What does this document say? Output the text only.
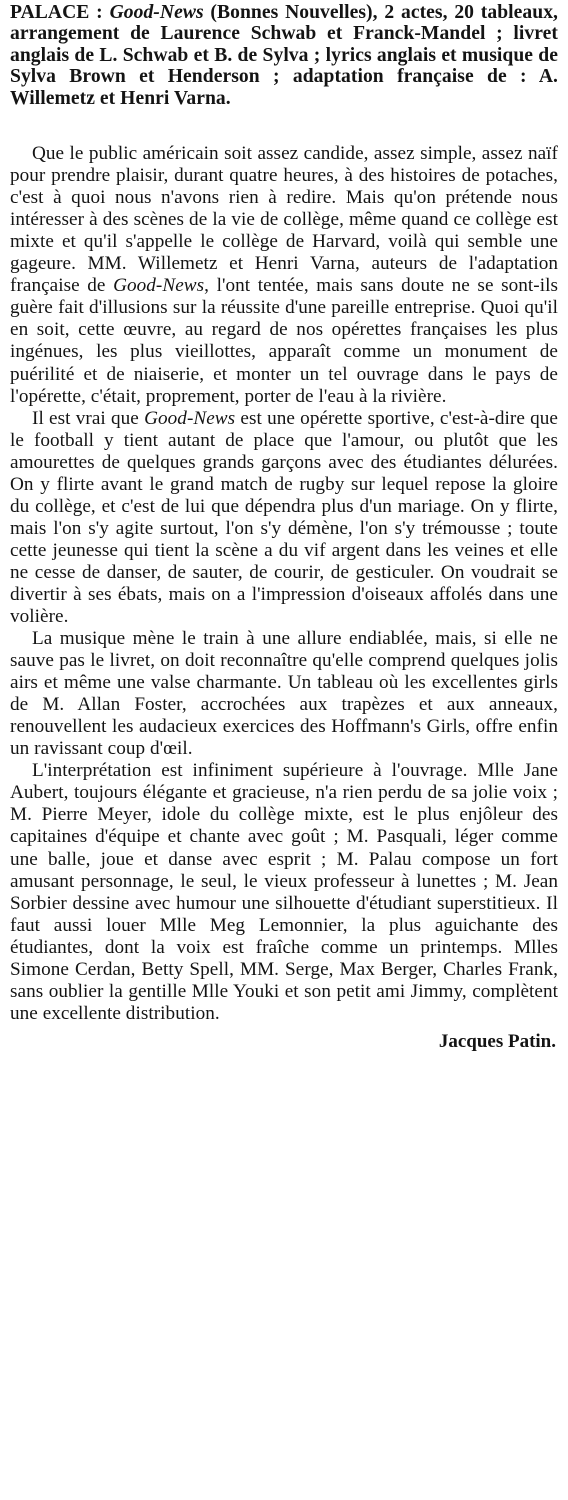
PALACE : Good-News (Bonnes Nouvelles), 2 actes, 20 tableaux, arrangement de Laurence Schwab et Franck-Mandel ; livret anglais de L. Schwab et B. de Sylva ; lyrics anglais et musique de Sylva Brown et Henderson ; adaptation française de : A. Willemetz et Henri Varna.

Que le public américain soit assez candide, assez simple, assez naïf pour prendre plaisir, durant quatre heures, à des histoires de potaches, c'est à quoi nous n'avons rien à redire. Mais qu'on prétende nous intéresser à des scènes de la vie de collège, même quand ce collège est mixte et qu'il s'appelle le collège de Harvard, voilà qui semble une gageure. MM. Willemetz et Henri Varna, auteurs de l'adaptation française de Good-News, l'ont tentée, mais sans doute ne se sont-ils guère fait d'illusions sur la réussite d'une pareille entreprise. Quoi qu'il en soit, cette œuvre, au regard de nos opérettes françaises les plus ingénues, les plus vieillottes, apparaît comme un monument de puérilité et de niaiserie, et monter un tel ouvrage dans le pays de l'opérette, c'était, proprement, porter de l'eau à la rivière.

Il est vrai que Good-News est une opérette sportive, c'est-à-dire que le football y tient autant de place que l'amour, ou plutôt que les amourettes de quelques grands garçons avec des étudiantes délurées. On y flirte avant le grand match de rugby sur lequel repose la gloire du collège, et c'est de lui que dépendra plus d'un mariage. On y flirte, mais l'on s'y agite surtout, l'on s'y démène, l'on s'y trémousse ; toute cette jeunesse qui tient la scène a du vif argent dans les veines et elle ne cesse de danser, de sauter, de courir, de gesticuler. On voudrait se divertir à ses ébats, mais on a l'impression d'oiseaux affolés dans une volière.

La musique mène le train à une allure endiablée, mais, si elle ne sauve pas le livret, on doit reconnaître qu'elle comprend quelques jolis airs et même une valse charmante. Un tableau où les excellentes girls de M. Allan Foster, accrochées aux trapèzes et aux anneaux, renouvellent les audacieux exercices des Hoffmann's Girls, offre enfin un ravissant coup d'œil.

L'interprétation est infiniment supérieure à l'ouvrage. Mlle Jane Aubert, toujours élégante et gracieuse, n'a rien perdu de sa jolie voix ; M. Pierre Meyer, idole du collège mixte, est le plus enjôleur des capitaines d'équipe et chante avec goût ; M. Pasquali, léger comme une balle, joue et danse avec esprit ; M. Palau compose un fort amusant personnage, le seul, le vieux professeur à lunettes ; M. Jean Sorbier dessine avec humour une silhouette d'étudiant superstitieux. Il faut aussi louer Mlle Meg Lemonnier, la plus aguichante des étudiantes, dont la voix est fraîche comme un printemps. Mlles Simone Cerdan, Betty Spell, MM. Serge, Max Berger, Charles Frank, sans oublier la gentille Mlle Youki et son petit ami Jimmy, complètent une excellente distribution.

Jacques Patin.
